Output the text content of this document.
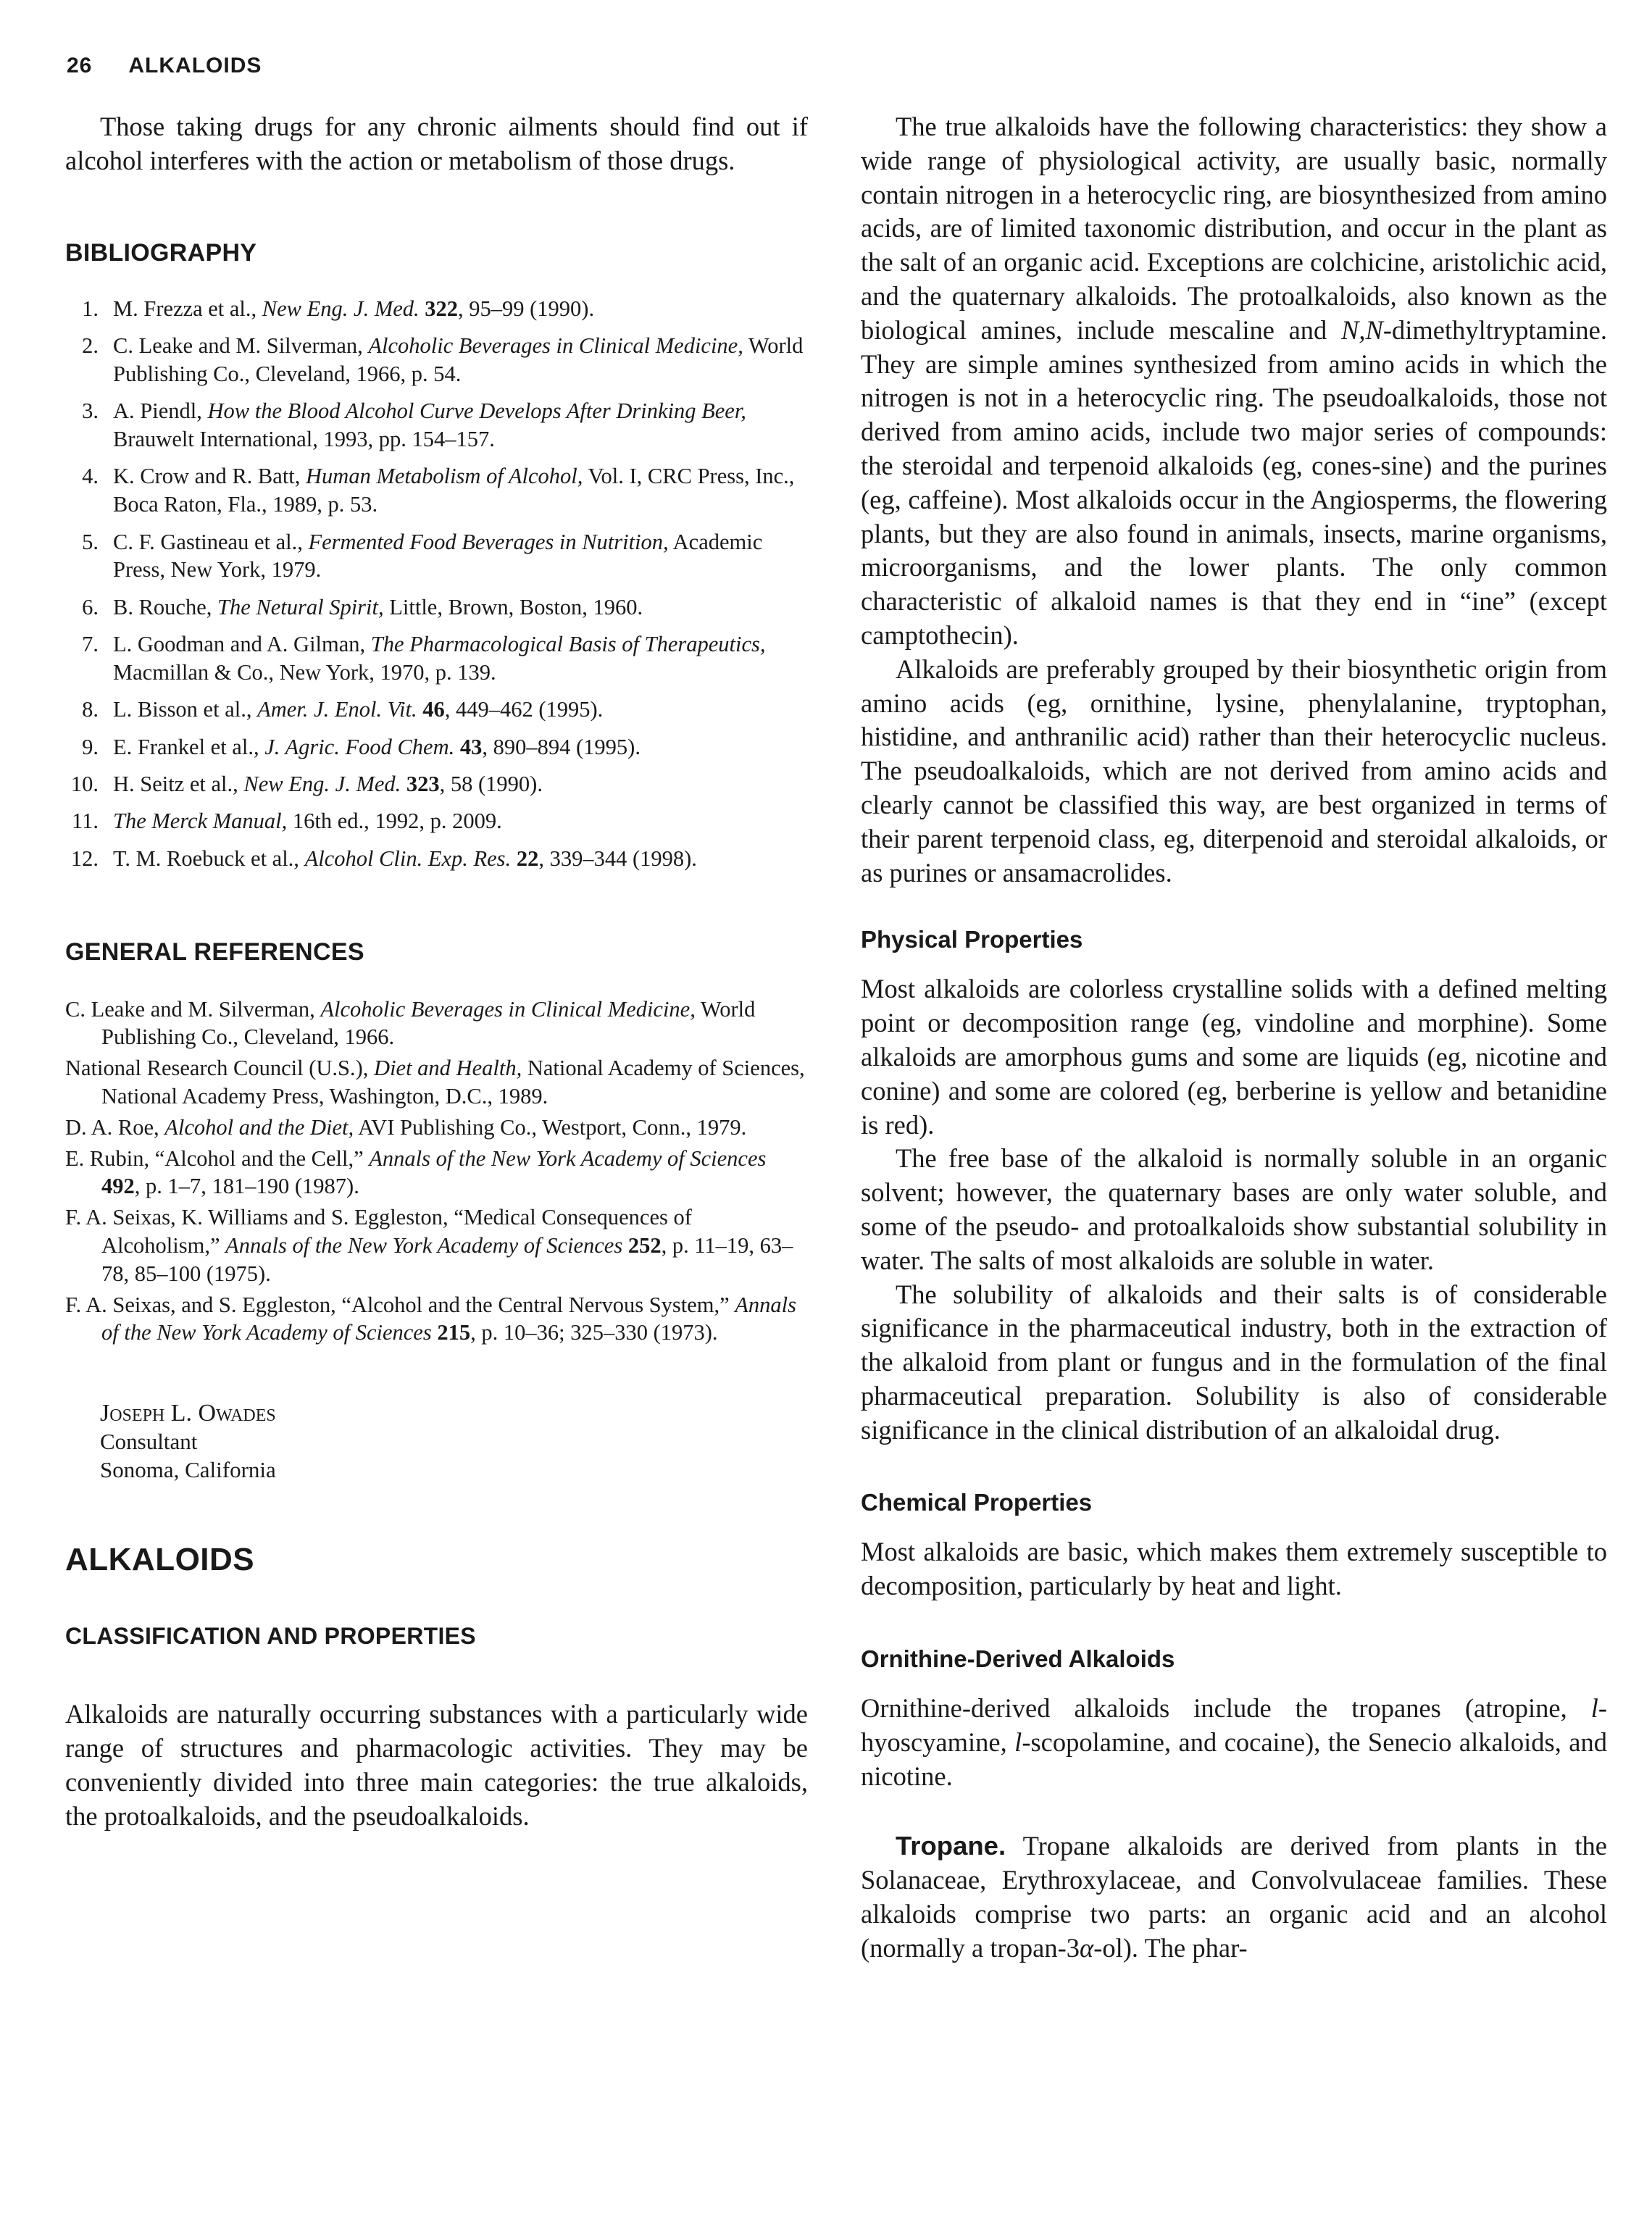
26 ALKALOIDS

Those taking drugs for any chronic ailments should find out if alcohol interferes with the action or metabolism of those drugs.

BIBLIOGRAPHY
1. M. Frezza et al., New Eng. J. Med. 322, 95–99 (1990).
2. C. Leake and M. Silverman, Alcoholic Beverages in Clinical Medicine, World Publishing Co., Cleveland, 1966, p. 54.
3. A. Piendl, How the Blood Alcohol Curve Develops After Drinking Beer, Brauwelt International, 1993, pp. 154–157.
4. K. Crow and R. Batt, Human Metabolism of Alcohol, Vol. I, CRC Press, Inc., Boca Raton, Fla., 1989, p. 53.
5. C. F. Gastineau et al., Fermented Food Beverages in Nutrition, Academic Press, New York, 1979.
6. B. Rouche, The Netural Spirit, Little, Brown, Boston, 1960.
7. L. Goodman and A. Gilman, The Pharmacological Basis of Therapeutics, Macmillan & Co., New York, 1970, p. 139.
8. L. Bisson et al., Amer. J. Enol. Vit. 46, 449–462 (1995).
9. E. Frankel et al., J. Agric. Food Chem. 43, 890–894 (1995).
10. H. Seitz et al., New Eng. J. Med. 323, 58 (1990).
11. The Merck Manual, 16th ed., 1992, p. 2009.
12. T. M. Roebuck et al., Alcohol Clin. Exp. Res. 22, 339–344 (1998).
GENERAL REFERENCES
C. Leake and M. Silverman, Alcoholic Beverages in Clinical Medicine, World Publishing Co., Cleveland, 1966.
National Research Council (U.S.), Diet and Health, National Academy of Sciences, National Academy Press, Washington, D.C., 1989.
D. A. Roe, Alcohol and the Diet, AVI Publishing Co., Westport, Conn., 1979.
E. Rubin, “Alcohol and the Cell,” Annals of the New York Academy of Sciences 492, p. 1–7, 181–190 (1987).
F. A. Seixas, K. Williams and S. Eggleston, “Medical Consequences of Alcoholism,” Annals of the New York Academy of Sciences 252, p. 11–19, 63–78, 85–100 (1975).
F. A. Seixas, and S. Eggleston, “Alcohol and the Central Nervous System,” Annals of the New York Academy of Sciences 215, p. 10–36; 325–330 (1973).
Joseph L. Owades
Consultant
Sonoma, California
ALKALOIDS
CLASSIFICATION AND PROPERTIES

Alkaloids are naturally occurring substances with a particularly wide range of structures and pharmacologic activities. They may be conveniently divided into three main categories: the true alkaloids, the protoalkaloids, and the pseudoalkaloids.

The true alkaloids have the following characteristics: they show a wide range of physiological activity, are usually basic, normally contain nitrogen in a heterocyclic ring, are biosynthesized from amino acids, are of limited taxonomic distribution, and occur in the plant as the salt of an organic acid. Exceptions are colchicine, aristolichic acid, and the quaternary alkaloids. The protoalkaloids, also known as the biological amines, include mescaline and N,N-dimethyltryptamine. They are simple amines synthesized from amino acids in which the nitrogen is not in a heterocyclic ring. The pseudoalkaloids, those not derived from amino acids, include two major series of compounds: the steroidal and terpenoid alkaloids (eg, cones-sine) and the purines (eg, caffeine). Most alkaloids occur in the Angiosperms, the flowering plants, but they are also found in animals, insects, marine organisms, microorganisms, and the lower plants. The only common characteristic of alkaloid names is that they end in “ine” (except camptothecin).

Alkaloids are preferably grouped by their biosynthetic origin from amino acids (eg, ornithine, lysine, phenylalanine, tryptophan, histidine, and anthranilic acid) rather than their heterocyclic nucleus. The pseudoalkaloids, which are not derived from amino acids and clearly cannot be classified this way, are best organized in terms of their parent terpenoid class, eg, diterpenoid and steroidal alkaloids, or as purines or ansamacrolides.

Physical Properties

Most alkaloids are colorless crystalline solids with a defined melting point or decomposition range (eg, vindoline and morphine). Some alkaloids are amorphous gums and some are liquids (eg, nicotine and conine) and some are colored (eg, berberine is yellow and betanidine is red).

The free base of the alkaloid is normally soluble in an organic solvent; however, the quaternary bases are only water soluble, and some of the pseudo- and protoalkaloids show substantial solubility in water. The salts of most alkaloids are soluble in water.

The solubility of alkaloids and their salts is of considerable significance in the pharmaceutical industry, both in the extraction of the alkaloid from plant or fungus and in the formulation of the final pharmaceutical preparation. Solubility is also of considerable significance in the clinical distribution of an alkaloidal drug.

Chemical Properties

Most alkaloids are basic, which makes them extremely susceptible to decomposition, particularly by heat and light.

Ornithine-Derived Alkaloids

Ornithine-derived alkaloids include the tropanes (atropine, l-hyoscyamine, l-scopolamine, and cocaine), the Senecio alkaloids, and nicotine.

Tropane. Tropane alkaloids are derived from plants in the Solanaceae, Erythroxylaceae, and Convolvulaceae families. These alkaloids comprise two parts: an organic acid and an alcohol (normally a tropan-3α-ol). The phar-
